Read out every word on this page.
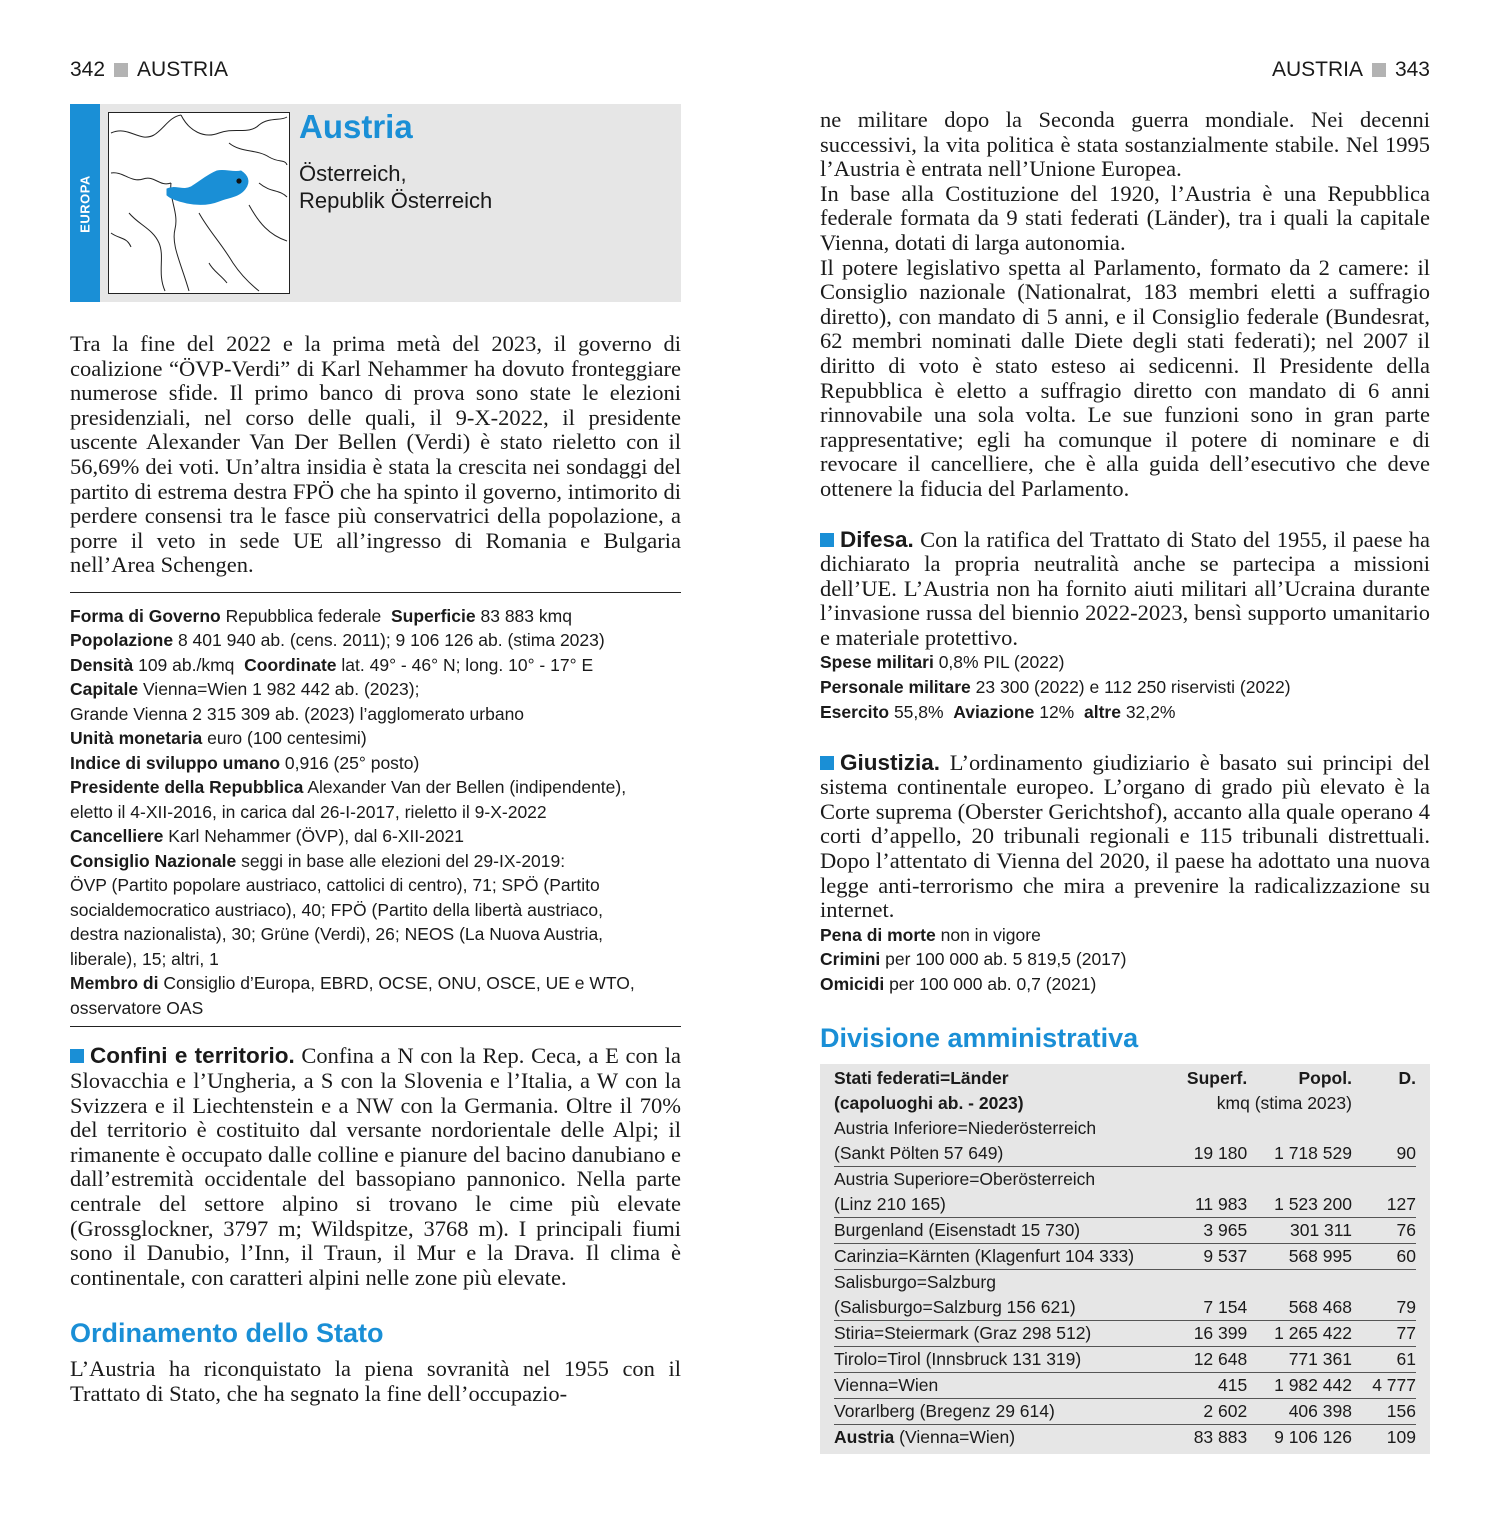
342 AUSTRIA	AUSTRIA 343
EUROPA
Austria
Österreich,
Republik Österreich

Tra la fine del 2022 e la prima metà del 2023, il governo di coalizione “ÖVP-Verdi” di Karl Nehammer ha dovuto fronteggiare numerose sfide. Il primo banco di prova sono state le elezioni presidenziali, nel corso delle quali, il 9-X-2022, il presidente uscente Alexander Van Der Bellen (Verdi) è stato rieletto con il 56,69% dei voti. Un’altra insidia è stata la crescita nei sondaggi del partito di estrema destra FPÖ che ha spinto il governo, intimorito di perdere consensi tra le fasce più conservatrici della popolazione, a porre il veto in sede UE all’ingresso di Romania e Bulgaria nell’Area Schengen.

Forma di Governo Repubblica federale Superficie 83 883 kmq
Popolazione 8 401 940 ab. (cens. 2011); 9 106 126 ab. (stima 2023)
Densità 109 ab./kmq Coordinate lat. 49° - 46° N; long. 10° - 17° E
Capitale Vienna=Wien 1 982 442 ab. (2023);
Grande Vienna 2 315 309 ab. (2023) l’agglomerato urbano
Unità monetaria euro (100 centesimi)
Indice di sviluppo umano 0,916 (25° posto)
Presidente della Repubblica Alexander Van der Bellen (indipendente),
eletto il 4-XII-2016, in carica dal 26-I-2017, rieletto il 9-X-2022
Cancelliere Karl Nehammer (ÖVP), dal 6-XII-2021
Consiglio Nazionale seggi in base alle elezioni del 29-IX-2019:
ÖVP (Partito popolare austriaco, cattolici di centro), 71; SPÖ (Partito
socialdemocratico austriaco), 40; FPÖ (Partito della libertà austriaco,
destra nazionalista), 30; Grüne (Verdi), 26; NEOS (La Nuova Austria,
liberale), 15; altri, 1
Membro di Consiglio d’Europa, EBRD, OCSE, ONU, OSCE, UE e WTO,
osservatore OAS

Confini e territorio. Confina a N con la Rep. Ceca, a E con la Slovacchia e l’Ungheria, a S con la Slovenia e l’Italia, a W con la Svizzera e il Liechtenstein e a NW con la Germania. Oltre il 70% del territorio è costituito dal versante nordorientale delle Alpi; il rimanente è occupato dalle colline e pianure del bacino danubiano e dall’estremità occidentale del bassopiano pannonico. Nella parte centrale del settore alpino si trovano le cime più elevate (Grossglockner, 3797 m; Wildspitze, 3768 m). I principali fiumi sono il Danubio, l’Inn, il Traun, il Mur e la Drava. Il clima è continentale, con caratteri alpini nelle zone più elevate.

Ordinamento dello Stato

L’Austria ha riconquistato la piena sovranità nel 1955 con il Trattato di Stato, che ha segnato la fine dell’occupazio-

ne militare dopo la Seconda guerra mondiale. Nei decenni successivi, la vita politica è stata sostanzialmente stabile. Nel 1995 l’Austria è entrata nell’Unione Europea.

In base alla Costituzione del 1920, l’Austria è una Repubblica federale formata da 9 stati federati (Länder), tra i quali la capitale Vienna, dotati di larga autonomia.

Il potere legislativo spetta al Parlamento, formato da 2 camere: il Consiglio nazionale (Nationalrat, 183 membri eletti a suffragio diretto), con mandato di 5 anni, e il Consiglio federale (Bundesrat, 62 membri nominati dalle Diete degli stati federati); nel 2007 il diritto di voto è stato esteso ai sedicenni. Il Presidente della Repubblica è eletto a suffragio diretto con mandato di 6 anni rinnovabile una sola volta. Le sue funzioni sono in gran parte rappresentative; egli ha comunque il potere di nominare e di revocare il cancelliere, che è alla guida dell’esecutivo che deve ottenere la fiducia del Parlamento.

Difesa. Con la ratifica del Trattato di Stato del 1955, il paese ha dichiarato la propria neutralità anche se partecipa a missioni dell’UE. L’Austria non ha fornito aiuti militari all’Ucraina durante l’invasione russa del biennio 2022-2023, bensì supporto umanitario e materiale protettivo.

Spese militari 0,8% PIL (2022)
Personale militare 23 300 (2022) e 112 250 riservisti (2022)
Esercito 55,8% Aviazione 12% altre 32,2%

Giustizia. L’ordinamento giudiziario è basato sui principi del sistema continentale europeo. L’organo di grado più elevato è la Corte suprema (Oberster Gerichtshof), accanto alla quale operano 4 corti d’appello, 20 tribunali regionali e 115 tribunali distrettuali. Dopo l’attentato di Vienna del 2020, il paese ha adottato una nuova legge anti-terrorismo che mira a prevenire la radicalizzazione su internet.

Pena di morte non in vigore
Crimini per 100 000 ab. 5 819,5 (2017)
Omicidi per 100 000 ab. 0,7 (2021)
Divisione amministrativa
Stati federati=Länder	Superf.	Popol.	D.
(capoluoghi ab. - 2023)	kmq (stima 2023)		
Austria Inferiore=Niederösterreich			
(Sankt Pölten 57 649)	19 180	1 718 529	90
Austria Superiore=Oberösterreich			
(Linz 210 165)	11 983	1 523 200	127
Burgenland (Eisenstadt 15 730)	3 965	301 311	76
Carinzia=Kärnten (Klagenfurt 104 333)	9 537	568 995	60
Salisburgo=Salzburg			
(Salisburgo=Salzburg 156 621)	7 154	568 468	79
Stiria=Steiermark (Graz 298 512)	16 399	1 265 422	77
Tirolo=Tirol (Innsbruck 131 319)	12 648	771 361	61
Vienna=Wien	415	1 982 442	4 777
Vorarlberg (Bregenz 29 614)	2 602	406 398	156
Austria (Vienna=Wien)	83 883	9 106 126	109
